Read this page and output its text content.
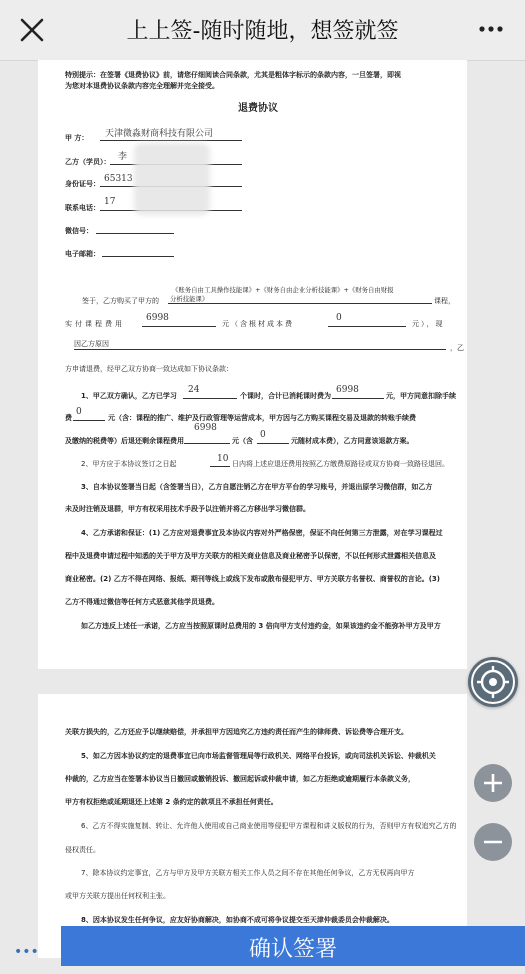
上上签-随时随地，想签就签
特别提示：在签署《退费协议》前，请您仔细阅读合同条款，尤其是粗体字标示的条款内容，一旦签署，即视
为您对本退费协议条款内容完全理解并完全接受。
退费协议
甲 方： 天津微淼财商科技有限公司
乙方（学员）： 李
身份证号： 65313
联系电话：
17
微信号：
电子邮箱：
《账务自由工具操作技能课》+《财务自由企业分析技能课》+《财务自由财报
分析技能课》
签于，乙方购买了甲方的	课程，
实付课程费用
6998
元（含根材成本费
0
元），现
因乙方原因	，乙
方申请退费，经甲乙双方协商一致达成如下协议条款：
1、甲乙双方确认，乙方已学习
24
个课时，合计已消耗课时费为
6998
元，甲方同意扣除手续
费
0
元（含：课程的推广、维护及行政管理等运营成本，甲方因与乙方购买课程交易及退款的转账手续费
6998
及缴纳的税费等）后退还剩余课程费用	元（含
0
元随材成本费），乙方同意该退款方案。
2、甲方应于本协议签订之日起	10 日内将上述应退还费用按照乙方缴费原路径或双方协商一致路径退回。
3、自本协议签署当日起（含签署当日），乙方自愿注销乙方在甲方平台的学习账号，并退出原学习微信群，如乙方
未及时注销及退群，甲方有权采用技术手段予以注销并将乙方移出学习微信群。
4、乙方承诺和保证：(1) 乙方应对退费事宜及本协议内容对外严格保密，保证不向任何第三方泄露，对在学习课程过
程中及退费申请过程中知悉的关于甲方及甲方关联方的相关商业信息及商业秘密予以保密，不以任何形式泄露相关信息及
商业秘密。(2) 乙方不得在网络、报纸、期刊等线上或线下发布或散布侵犯甲方、甲方关联方名誉权、商誉权的言论。(3)
乙方不得通过微信等任何方式恶意其他学员退费。
如乙方违反上述任一承诺，乙方应当按照原课时总费用的 3 倍向甲方支付违约金，如果该违约金不能弥补甲方及甲方
关联方损失的，乙方还应予以继续赔偿，并承担甲方因追究乙方违约责任而产生的律师费、诉讼费等合理开支。
5、如乙方因本协议约定的退费事宜已向市场监督管理局等行政机关、网络平台投诉，或向司法机关诉讼、仲裁机关
仲裁的，乙方应当在签署本协议当日撤回或撤销投诉、撤回起诉或仲裁申请，如乙方拒绝或逾期履行本条款义务，
甲方有权拒绝或延期退还上述第 2 条约定的款项且不承担任何责任。
6、乙方不得实施复制、转让、允许他人使用或自己商业使用等侵犯甲方课程和讲义版权的行为，否则甲方有权追究乙方的
侵权责任。
7、除本协议约定事宜，乙方与甲方及甲方关联方相关工作人员之间不存在其他任何争议，乙方无权再向甲方
或甲方关联方提出任何权利主张。
8、因本协议发生任何争议，应友好协商解决，如协商不成可将争议提交至天津仲裁委员会仲裁解决。
•••	确认签署
